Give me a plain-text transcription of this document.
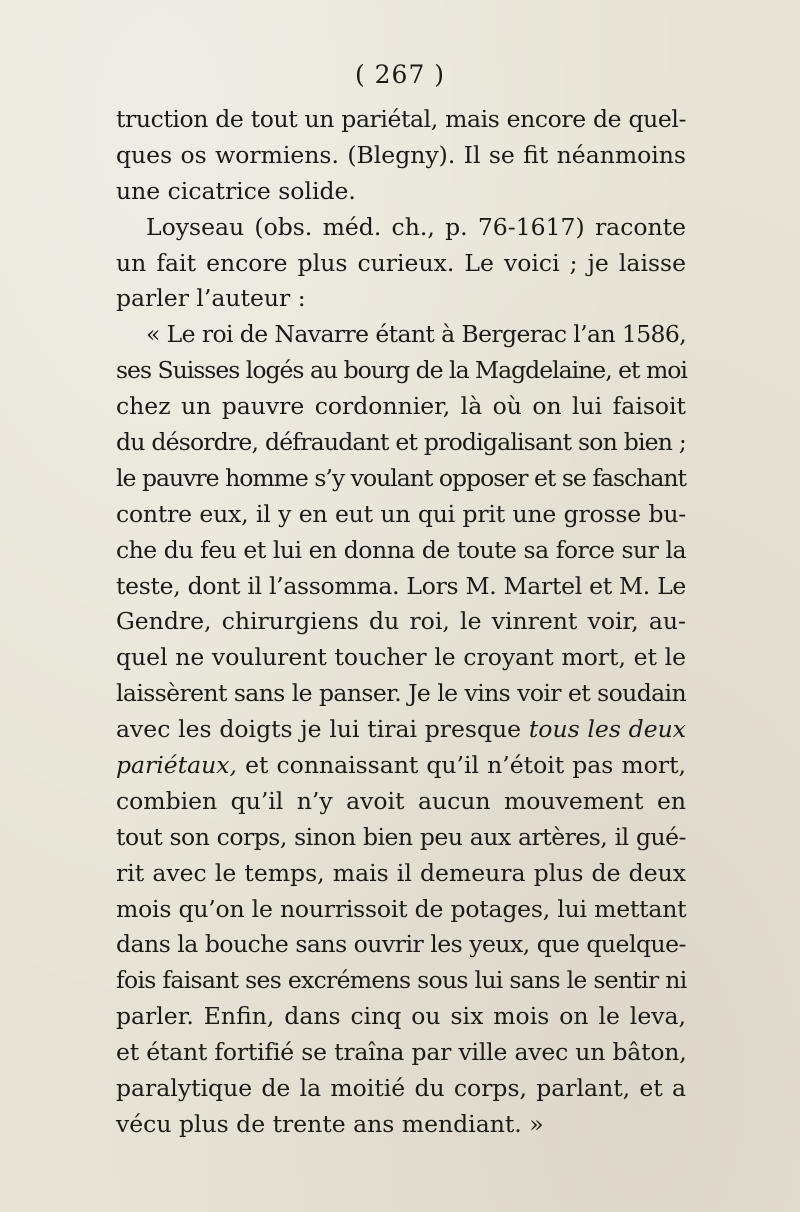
( 267 )
truction de tout un pariétal, mais encore de quel-
ques os wormiens. (Blegny). Il se fit néanmoins
une cicatrice solide.
Loyseau (obs. méd. ch., p. 76-1617) raconte
un fait encore plus curieux. Le voici ; je laisse
parler l’auteur :
« Le roi de Navarre étant à Bergerac l’an 1586,
ses Suisses logés au bourg de la Magdelaine, et moi
chez un pauvre cordonnier, là où on lui faisoit
du désordre, défraudant et prodigalisant son bien ;
le pauvre homme s’y voulant opposer et se faschant
contre eux, il y en eut un qui prit une grosse bu-
che du feu et lui en donna de toute sa force sur la
teste, dont il l’assomma. Lors M. Martel et M. Le
Gendre, chirurgiens du roi, le vinrent voir, au-
quel ne voulurent toucher le croyant mort, et le
laissèrent sans le panser. Je le vins voir et soudain
avec les doigts je lui tirai presque tous les deux
pariétaux, et connaissant qu’il n’étoit pas mort,
combien qu’il n’y avoit aucun mouvement en
tout son corps, sinon bien peu aux artères, il gué-
rit avec le temps, mais il demeura plus de deux
mois qu’on le nourrissoit de potages, lui mettant
dans la bouche sans ouvrir les yeux, que quelque-
fois faisant ses excrémens sous lui sans le sentir ni
parler. Enfin, dans cinq ou six mois on le leva,
et étant fortifié se traîna par ville avec un bâton,
paralytique de la moitié du corps, parlant, et a
vécu plus de trente ans mendiant. »
